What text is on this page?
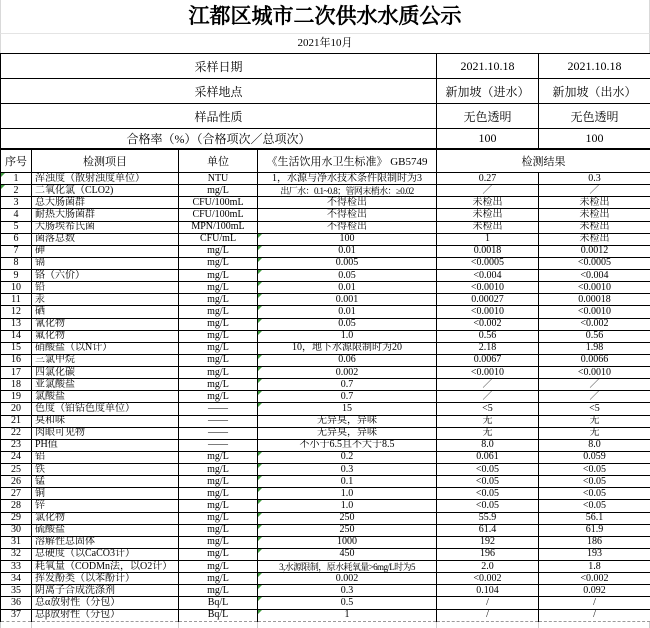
江都区城市二次供水水质公示
2021年10月
采样日期	2021.10.18	2021.10.18
采样地点	新加坡（进水）	新加坡（出水）
样品性质	无色透明	无色透明
合格率（%）（合格项次／总项次）	100	100
序号	检测项目	单位	《生活饮用水卫生标准》 GB5749	检测结果	

1	浑浊度（散射浊度单位）	NTU	1，水源与净水技术条件限制时为3	0.27	0.3

2	二氧化氯（CLO2)	mg/L	出厂水：0.1~0.8；管网末梢水：≥0.02	／	／
3	总大肠菌群	CFU/100mL	不得检出	未检出	未检出
4	耐热大肠菌群	CFU/100mL	不得检出	未检出	未检出
5	大肠埃希氏菌	MPN/100mL	不得检出	未检出	未检出
6	菌落总数	CFU/mL	100	1	未检出
7	砷	mg/L	0.01	0.0018	0.0012
8	镉	mg/L	0.005	<0.0005	<0.0005
9	铬（六价）	mg/L	0.05	<0.004	<0.004
10	铅	mg/L	0.01	<0.0010	<0.0010
11	汞	mg/L	0.001	0.00027	0.00018
12	硒	mg/L	0.01	<0.0010	<0.0010
13	氰化物	mg/L	0.05	<0.002	<0.002
14	氟化物	mg/L	1.0	0.56	0.56
15	硝酸盐（以N计）	mg/L	10，地下水源限制时为20	2.18	1.98
16	三氯甲烷	mg/L	0.06	0.0067	0.0066
17	四氯化碳	mg/L	0.002	<0.0010	<0.0010
18	亚氯酸盐	mg/L	0.7	／	／
19	氯酸盐	mg/L	0.7	／	／
20	色度（铂钴色度单位）	——	15	<5	<5
21	臭和味	——	无异臭，异味	无	无
22	肉眼可见物	——	无异臭，异味	无	无
23	PH值	——	不小于6.5且不大于8.5	8.0	8.0
24	铝	mg/L	0.2	0.061	0.059
25	铁	mg/L	0.3	<0.05	<0.05
26	锰	mg/L	0.1	<0.05	<0.05
27	铜	mg/L	1.0	<0.05	<0.05
28	锌	mg/L	1.0	<0.05	<0.05
29	氯化物	mg/L	250	55.9	56.1
30	硫酸盐	mg/L	250	61.4	61.9
31	溶解性总固体	mg/L	1000	192	186
32	总硬度（以CaCO3计）	mg/L	450	196	193
33	耗氧量（CODMn法，以O2计）	mg/L	3,水源限制，原水耗氧量>6mg/L时为5	2.0	1.8
34	挥发酚类（以苯酚计）	mg/L	0.002	<0.002	<0.002
35	阴离子合成洗涤剂	mg/L	0.3	0.104	0.092
36	总α放射性（分包）	Bq/L	0.5	/	/
37	总β放射性（分包）	Bq/L	1	/	/
